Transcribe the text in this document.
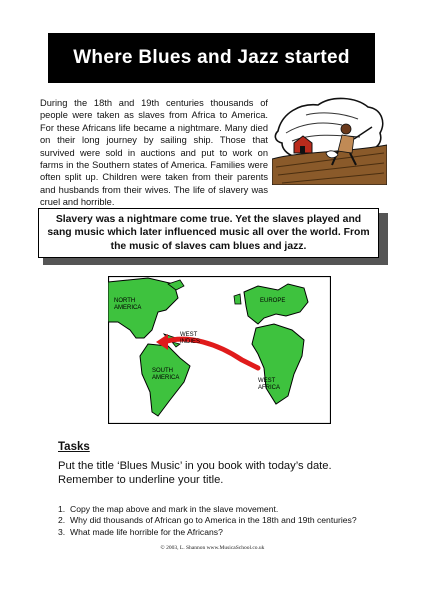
Where Blues and Jazz started

During the 18th and 19th centuries thousands of people were taken as slaves from Africa to America. For these Africans life became a nightmare. Many died on their long journey by sailing ship. Those that survived were sold in auctions and put to work on farms in the Southern states of America. Families were often split up. Children were taken from their parents and husbands from their wives. The life of slavery was cruel and horrible.

Slavery was a nightmare come true. Yet the slaves played and sang music which later influenced music all over the world. From the music of slaves cam blues and jazz.
NORTH
AMERICA
EUROPE
WEST
INDIES
SOUTH
AMERICA	WEST
AFRICA

Tasks

Put the title ‘Blues Music’ in you book with today’s date. Remember to underline your title.

1. Copy the map above and mark in the slave movement.
2. Why did thousands of African go to America in the 18th and 19th centuries?
3. What made life horrible for the Africans?

© 2003, L. Shannon www.MusicaSchool.co.uk
